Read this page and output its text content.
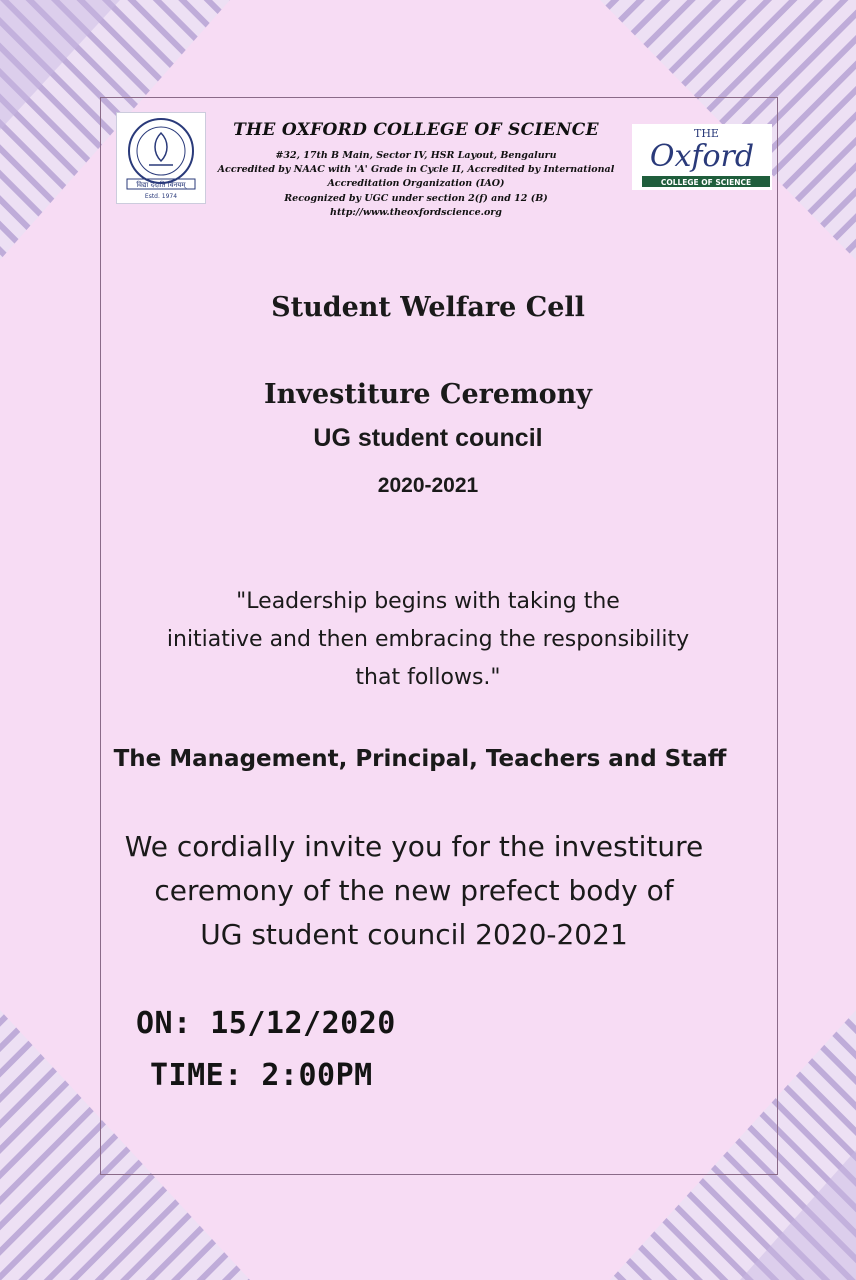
विद्या ददाति विनयम्
Estd. 1974
THE
Oxford
COLLEGE OF SCIENCE
THE OXFORD COLLEGE OF SCIENCE
#32, 17th B Main, Sector IV, HSR Layout, Bengaluru
Accredited by NAAC with 'A' Grade in Cycle II, Accredited by International
Accreditation Organization (IAO)
Recognized by UGC under section 2(f) and 12 (B)
http://www.theoxfordscience.org
Student Welfare Cell
Investiture Ceremony
UG student council
2020-2021
"Leadership begins with taking the
initiative and then embracing the responsibility
that follows."
The Management, Principal, Teachers and Staff
We cordially invite you for the investiture
ceremony of the new prefect body of
UG student council 2020-2021
ON: 15/12/2020
TIME: 2:00PM
